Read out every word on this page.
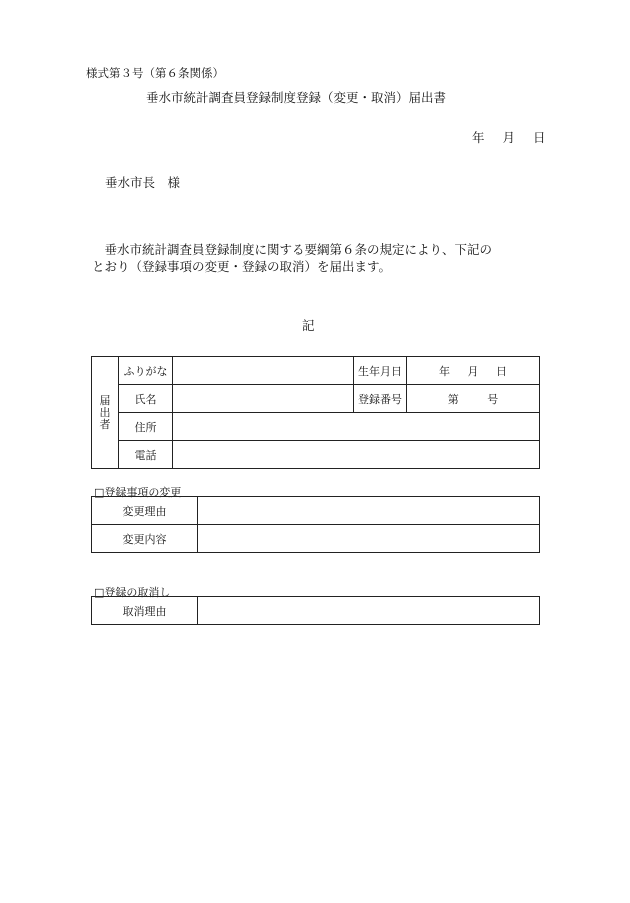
様式第３号（第６条関係）
垂水市統計調査員登録制度登録（変更・取消）届出書
年 月 日
垂水市長　様
　垂水市統計調査員登録制度に関する要綱第６条の規定により、下記の
とおり（登録事項の変更・登録の取消）を届出ます。
記
届出者	ふりがな		生年月日	年 月 日
	氏名		登録番号	第 号
	住所			
	電話			
□登録事項の変更
変更理由	
変更内容	
□登録の取消し
取消理由	
